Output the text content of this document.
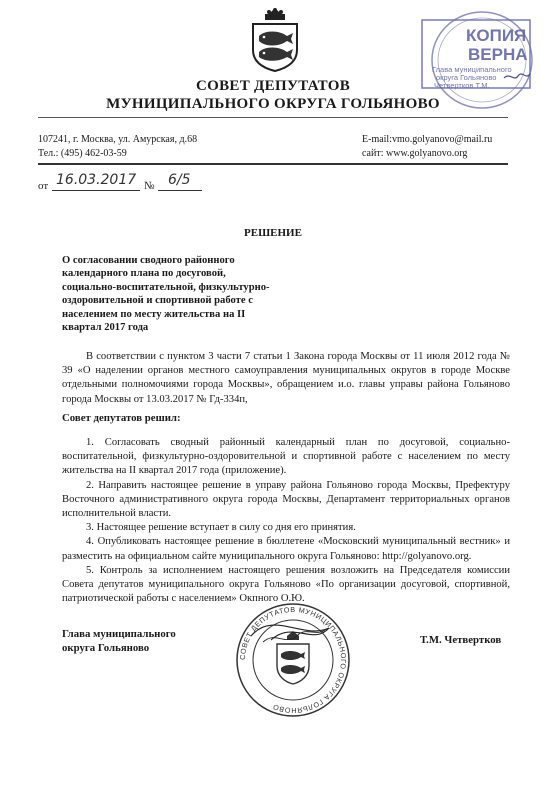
КОПИЯ
ВЕРНА
Глава муниципального
округа Гольяново
Четвертков Т.М.
СОВЕТ ДЕПУТАТОВ
МУНИЦИПАЛЬНОГО ОКРУГА ГОЛЬЯНОВО
107241, г. Москва, ул. Амурская, д.68
Тел.: (495) 462-03-59
E-mail:vmo.golyanovo@mail.ru
сайт: www.golyanovo.org
от 16.03.2017 № 6/5
РЕШЕНИЕ
О согласовании сводного районного
календарного плана по досуговой,
социально-воспитательной, физкультурно-
оздоровительной и спортивной работе с
населением по месту жительства на II
квартал 2017 года
В соответствии с пунктом 3 части 7 статьи 1 Закона города Москвы от 11 июля 2012 года № 39 «О наделении органов местного самоуправления муниципальных округов в городе Москве отдельными полномочиями города Москвы», обращением и.о. главы управы района Гольяново города Москвы от 13.03.2017 № Гд-334п,
Совет депутатов решил:
1. Согласовать сводный районный календарный план по досуговой, социально-воспитательной, физкультурно-оздоровительной и спортивной работе с населением по месту жительства на II квартал 2017 года (приложение).
2. Направить настоящее решение в управу района Гольяново города Москвы, Префектуру Восточного административного округа города Москвы, Департамент территориальных органов исполнительной власти.
3. Настоящее решение вступает в силу со дня его принятия.
4. Опубликовать настоящее решение в бюллетене «Московский муниципальный вестник» и разместить на официальном сайте муниципального округа Гольяново: http://golyanovo.org.
5. Контроль за исполнением настоящего решения возложить на Председателя комиссии Совета депутатов муниципального округа Гольяново «По организации досуговой, спортивной, патриотической работы с населением» Окпного О.Ю.
Глава муниципального
округа Гольяново
Т.М. Четвертков
СОВЕТ ДЕПУТАТОВ МУНИЦИПАЛЬНОГО ОКРУГА ГОЛЬЯНОВО
